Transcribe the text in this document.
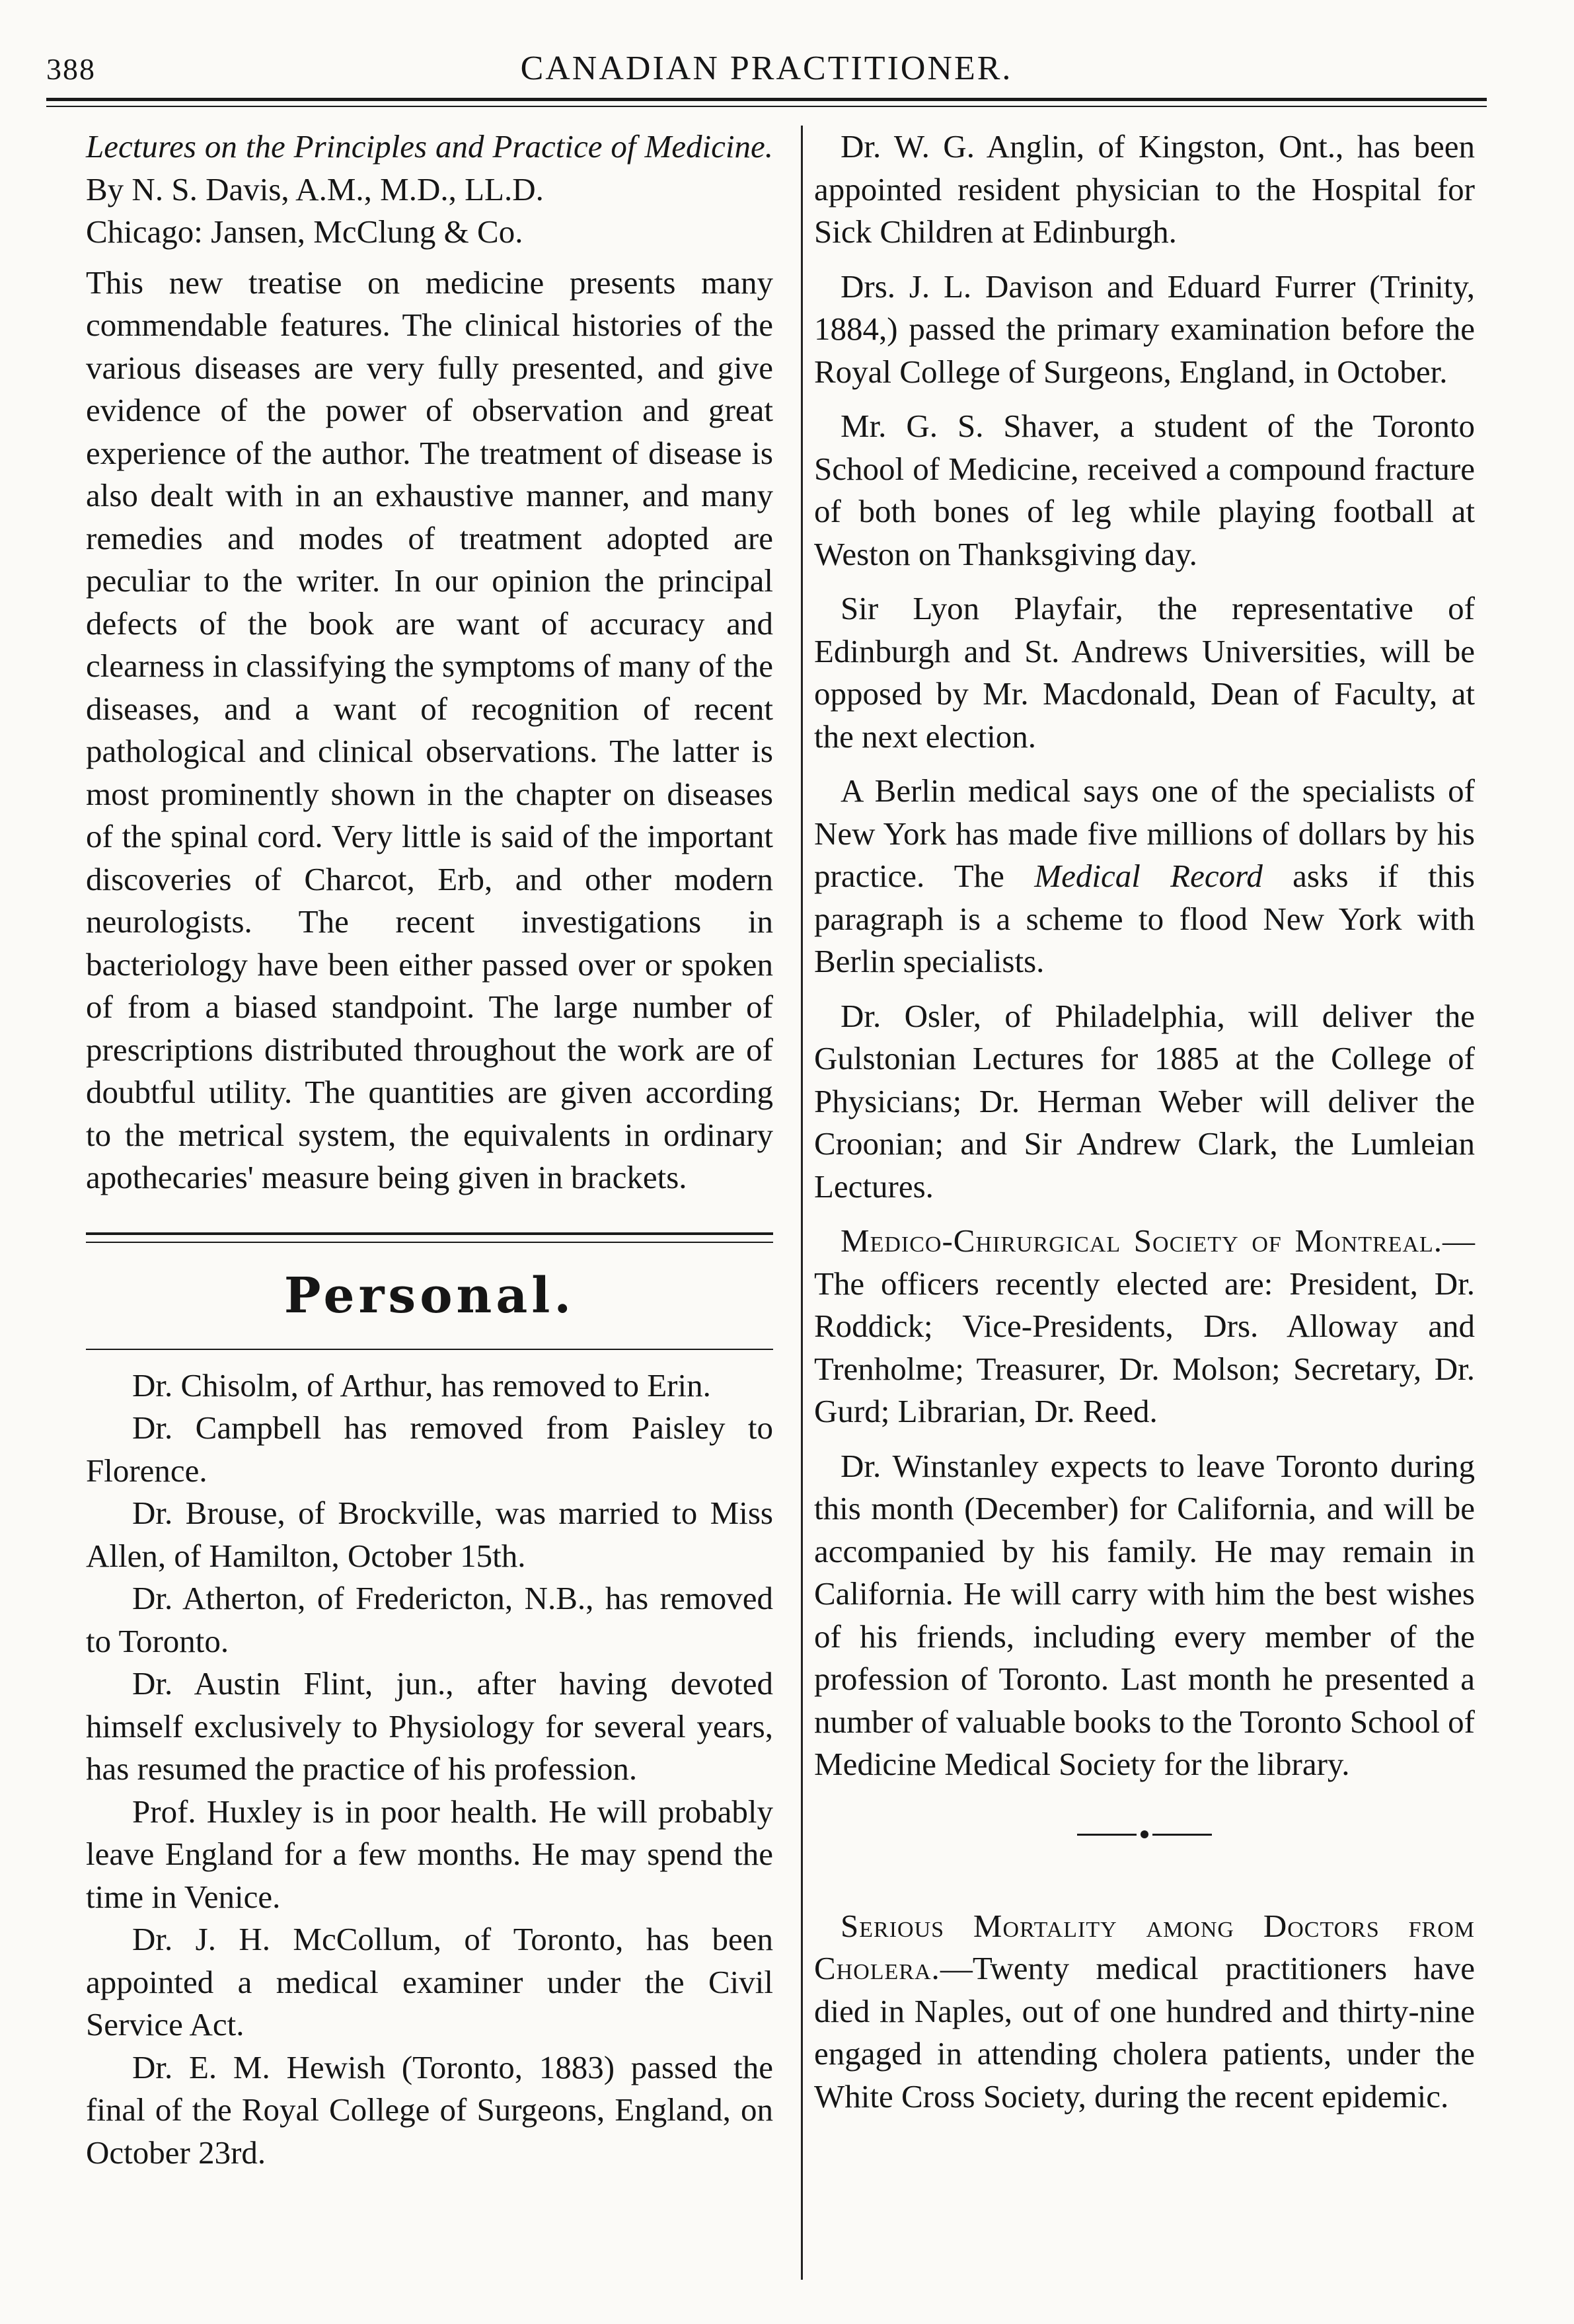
388	CANADIAN PRACTITIONER.
Lectures on the Principles and Practice of Medicine. By N. S. Davis, A.M., M.D., LL.D.
Chicago: Jansen, McClung & Co.

This new treatise on medicine presents many commendable features. The clinical histories of the various diseases are very fully presented, and give evidence of the power of observation and great experience of the author. The treatment of disease is also dealt with in an exhaustive manner, and many remedies and modes of treatment adopted are peculiar to the writer. In our opinion the principal defects of the book are want of accuracy and clearness in classifying the symptoms of many of the diseases, and a want of recognition of recent pathological and clinical observations. The latter is most prominently shown in the chapter on diseases of the spinal cord. Very little is said of the important discoveries of Charcot, Erb, and other modern neurologists. The recent investigations in bacteriology have been either passed over or spoken of from a biased standpoint. The large number of prescriptions distributed throughout the work are of doubtful utility. The quantities are given according to the metrical system, the equivalents in ordinary apothecaries' measure being given in brackets.

Personal.

Dr. Chisolm, of Arthur, has removed to Erin.

Dr. Campbell has removed from Paisley to Florence.

Dr. Brouse, of Brockville, was married to Miss Allen, of Hamilton, October 15th.

Dr. Atherton, of Fredericton, N.B., has removed to Toronto.

Dr. Austin Flint, jun., after having devoted himself exclusively to Physiology for several years, has resumed the practice of his profession.

Prof. Huxley is in poor health. He will probably leave England for a few months. He may spend the time in Venice.

Dr. J. H. McCollum, of Toronto, has been appointed a medical examiner under the Civil Service Act.

Dr. E. M. Hewish (Toronto, 1883) passed the final of the Royal College of Surgeons, England, on October 23rd.

Dr. W. G. Anglin, of Kingston, Ont., has been appointed resident physician to the Hospital for Sick Children at Edinburgh.

Drs. J. L. Davison and Eduard Furrer (Trinity, 1884,) passed the primary examination before the Royal College of Surgeons, England, in October.

Mr. G. S. Shaver, a student of the Toronto School of Medicine, received a compound fracture of both bones of leg while playing football at Weston on Thanksgiving day.

Sir Lyon Playfair, the representative of Edinburgh and St. Andrews Universities, will be opposed by Mr. Macdonald, Dean of Faculty, at the next election.

A Berlin medical says one of the specialists of New York has made five millions of dollars by his practice. The Medical Record asks if this paragraph is a scheme to flood New York with Berlin specialists.

Dr. Osler, of Philadelphia, will deliver the Gulstonian Lectures for 1885 at the College of Physicians; Dr. Herman Weber will deliver the Croonian; and Sir Andrew Clark, the Lumleian Lectures.

Medico-Chirurgical Society of Montreal.—The officers recently elected are: President, Dr. Roddick; Vice-Presidents, Drs. Alloway and Trenholme; Treasurer, Dr. Molson; Secretary, Dr. Gurd; Librarian, Dr. Reed.

Dr. Winstanley expects to leave Toronto during this month (December) for California, and will be accompanied by his family. He may remain in California. He will carry with him the best wishes of his friends, including every member of the profession of Toronto. Last month he presented a number of valuable books to the Toronto School of Medicine Medical Society for the library.

Serious Mortality among Doctors from Cholera.—Twenty medical practitioners have died in Naples, out of one hundred and thirty-nine engaged in attending cholera patients, under the White Cross Society, during the recent epidemic.
